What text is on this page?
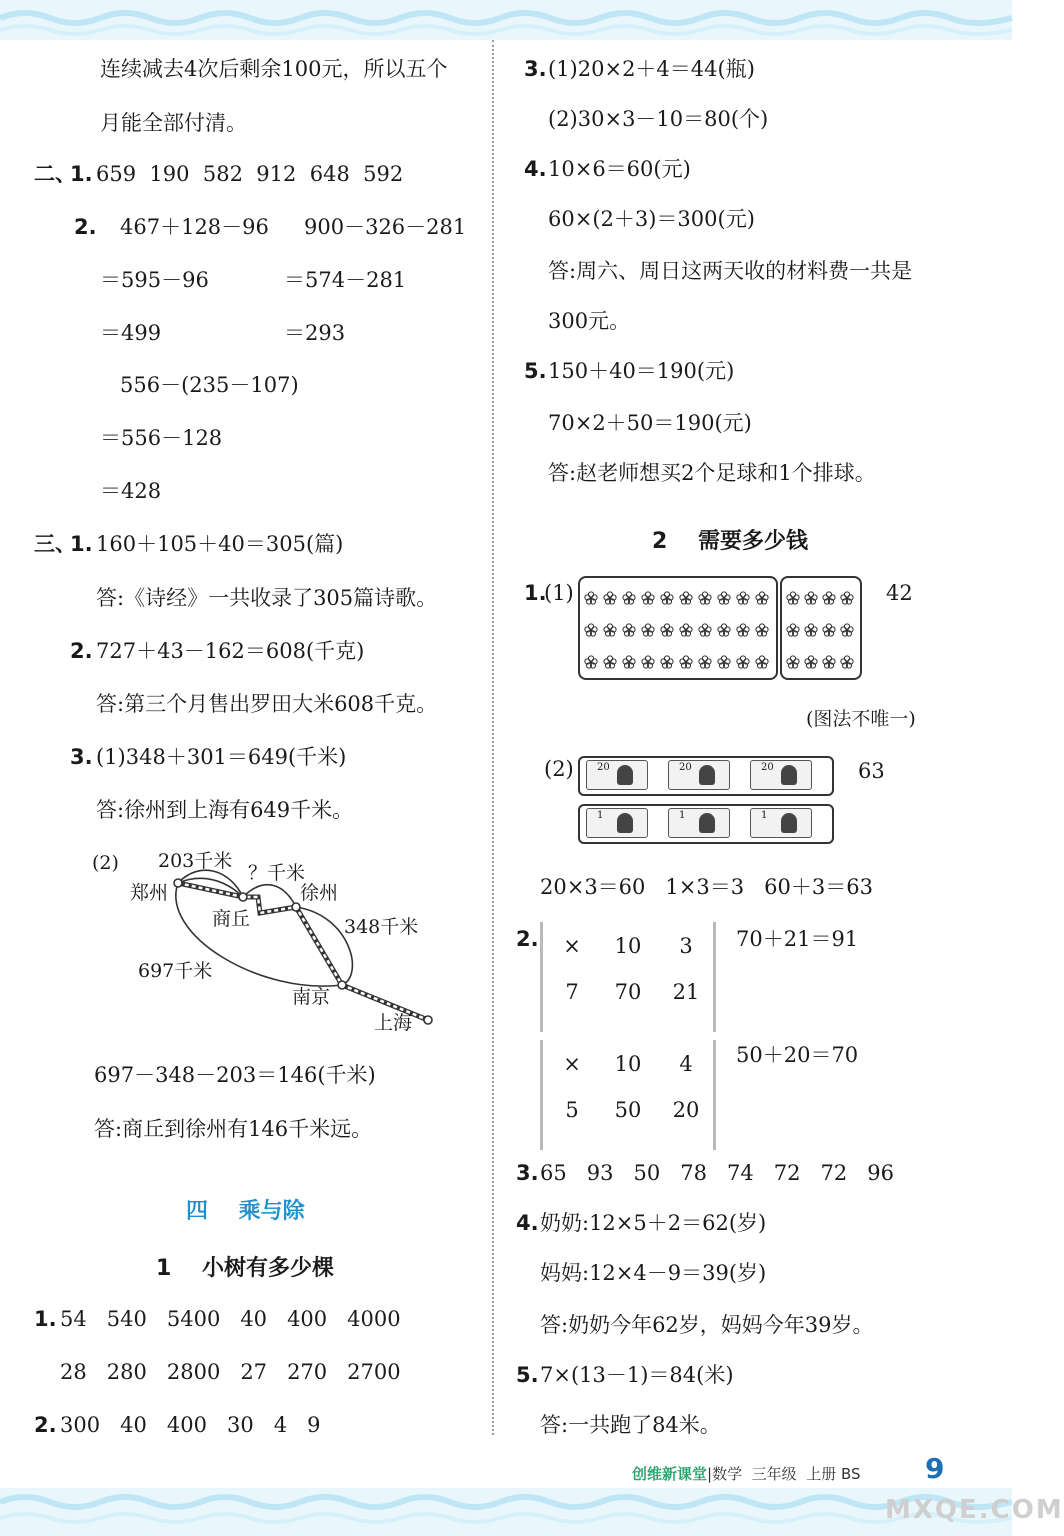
连续减去4次后剩余100元，所以五个
月能全部付清。
二、
1. 659  190  582  912  648  592
2. 467＋128－96 900－326－281
＝595－96	＝574－281
＝499	＝293
556－(235－107)
＝556－128
＝428
三、
1. 160＋105＋40＝305(篇)
答:《诗经》一共收录了305篇诗歌。
2. 727＋43－162＝608(千克)
答:第三个月售出罗田大米608千克。
3. (1)348＋301＝649(千米)
答:徐州到上海有649千米。
(2) 203千米
？千米
郑州	徐州
商丘	348千米
697千米
南京
上海
697－348－203＝146(千米)
答:商丘到徐州有146千米远。
四    乘与除
1    小树有多少棵
1. 54   540   5400   40   400   4000
28   280   2800   27   270   2700
2. 300   40   400   30   4   9
3. (1)20×2＋4＝44(瓶)
(2)30×3－10＝80(个)
4. 10×6＝60(元)
60×(2＋3)＝300(元)
答:周六、周日这两天收的材料费一共是
300元。
5. 150＋40＝190(元)
70×2＋50＝190(元)
答:赵老师想买2个足球和1个排球。
2    需要多少钱
1.
(1)	42
(图法不唯一)
(2) 20	20	20
1	1	1
63
20×3＝60   1×3＝3   60＋3＝63
2.	×	10	3
7	70	21
70＋21＝91
×	10	4
5	50	20
50＋20＝70
3. 65   93   50   78   74   72   72   96
4. 奶奶:12×5＋2＝62(岁)
妈妈:12×4－9＝39(岁)
答:奶奶今年62岁，妈妈今年39岁。
5. 7×(13－1)＝84(米)
答:一共跑了84米。
创维新课堂|数学 三年级 上册 BS 9
MXQE.COM
